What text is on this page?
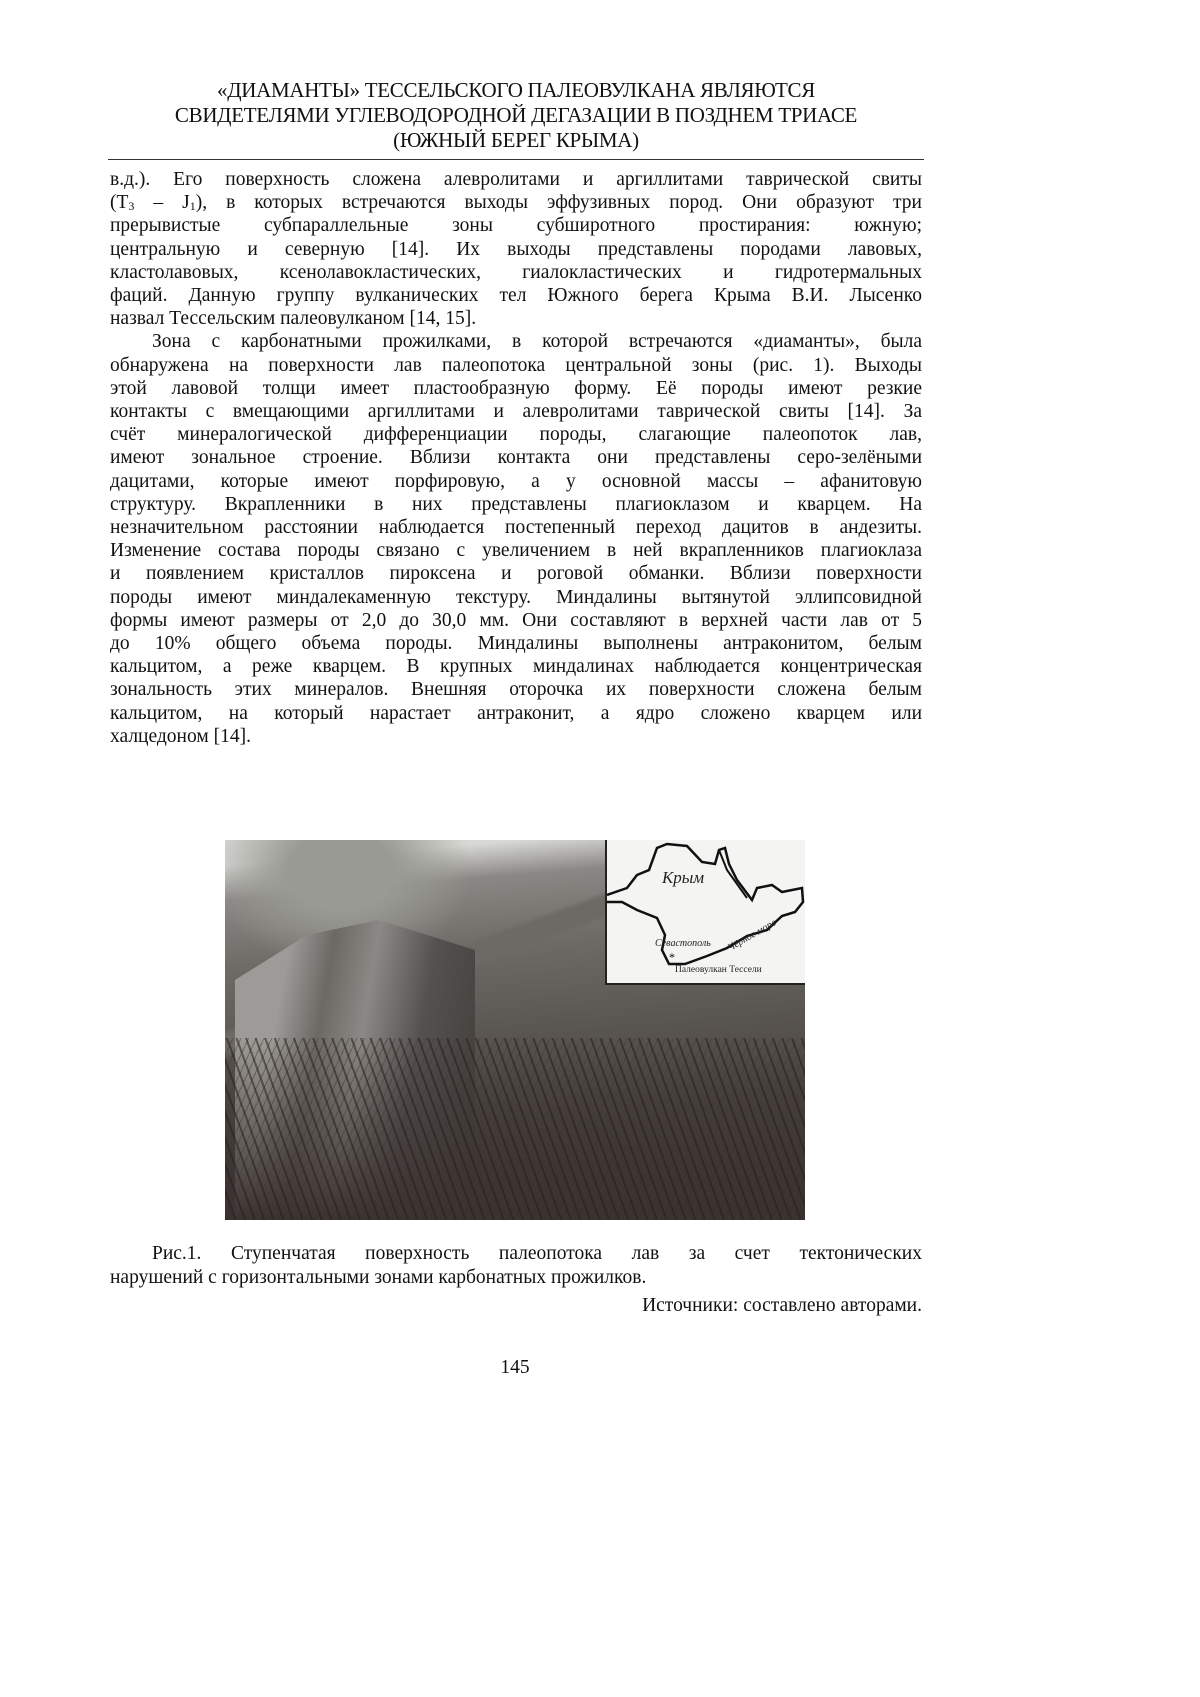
«ДИАМАНТЫ» ТЕССЕЛЬСКОГО ПАЛЕОВУЛКАНА ЯВЛЯЮТСЯ
СВИДЕТЕЛЯМИ УГЛЕВОДОРОДНОЙ ДЕГАЗАЦИИ В ПОЗДНЕМ ТРИАСЕ
(ЮЖНЫЙ БЕРЕГ КРЫМА)
в.д.). Его поверхность сложена алевролитами и аргиллитами таврической свиты
(T3 – J1), в которых встречаются выходы эффузивных пород. Они образуют три
прерывистые субпараллельные зоны субширотного простирания: южную;
центральную и северную [14]. Их выходы представлены породами лавовых,
кластолавовых, ксенолавокластических, гиалокластических и гидротермальных
фаций. Данную группу вулканических тел Южного берега Крыма В.И. Лысенко
назвал Тессельским палеовулканом [14, 15].
Зона с карбонатными прожилками, в которой встречаются «диаманты», была
обнаружена на поверхности лав палеопотока центральной зоны (рис. 1). Выходы
этой лавовой толщи имеет пластообразную форму. Её породы имеют резкие
контакты с вмещающими аргиллитами и алевролитами таврической свиты [14]. За
счёт минералогической дифференциации породы, слагающие палеопоток лав,
имеют зональное строение. Вблизи контакта они представлены серо-зелёными
дацитами, которые имеют порфировую, а у основной массы – афанитовую
структуру. Вкрапленники в них представлены плагиоклазом и кварцем. На
незначительном расстоянии наблюдается постепенный переход дацитов в андезиты.
Изменение состава породы связано с увеличением в ней вкрапленников плагиоклаза
и появлением кристаллов пироксена и роговой обманки. Вблизи поверхности
породы имеют миндалекаменную текстуру. Миндалины вытянутой эллипсовидной
формы имеют размеры от 2,0 до 30,0 мм. Они составляют в верхней части лав от 5
до 10% общего объема породы. Миндалины выполнены антраконитом, белым
кальцитом, а реже кварцем. В крупных миндалинах наблюдается концентрическая
зональность этих минералов. Внешняя оторочка их поверхности сложена белым
кальцитом, на который нарастает антраконит, а ядро сложено кварцем или
халцедоном [14].
*
Крым
Севастополь Чёрное море
Палеовулкан Тессели
Рис.1. Ступенчатая поверхность палеопотока лав за счет тектонических
нарушений с горизонтальными зонами карбонатных прожилков.
Источники: составлено авторами.
145
